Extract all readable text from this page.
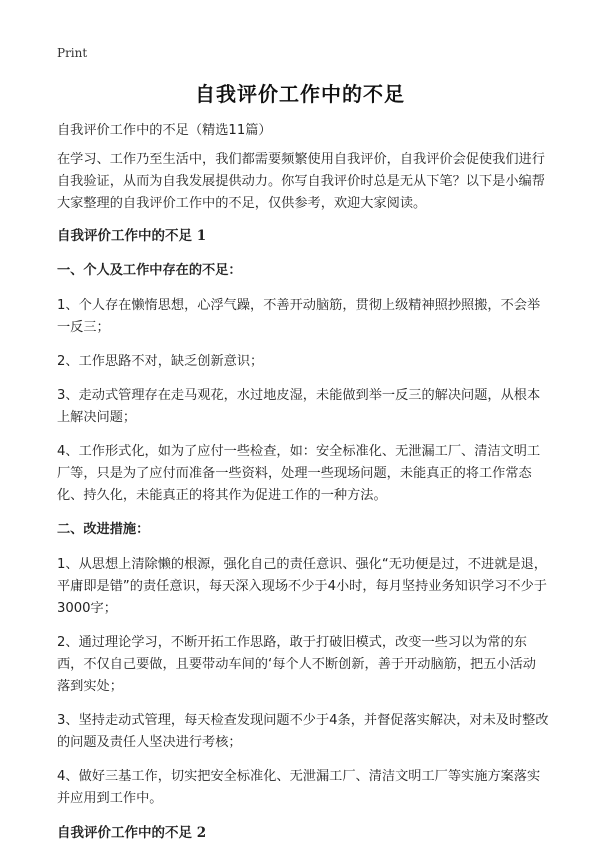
Print
自我评价工作中的不足

自我评价工作中的不足（精选11篇）

在学习、工作乃至生活中，我们都需要频繁使用自我评价，自我评价会促使我们进行自我验证，从而为自我发展提供动力。你写自我评价时总是无从下笔？以下是小编帮大家整理的自我评价工作中的不足，仅供参考，欢迎大家阅读。

自我评价工作中的不足 1

一、个人及工作中存在的不足：

1、个人存在懒惰思想，心浮气躁，不善开动脑筋，贯彻上级精神照抄照搬，不会举一反三；

2、工作思路不对，缺乏创新意识；

3、走动式管理存在走马观花，水过地皮湿，未能做到举一反三的解决问题，从根本上解决问题；

4、工作形式化，如为了应付一些检查，如：安全标准化、无泄漏工厂、清洁文明工厂等，只是为了应付而准备一些资料，处理一些现场问题，未能真正的将工作常态化、持久化，未能真正的将其作为促进工作的一种方法。

二、改进措施：

1、从思想上清除懒的根源，强化自己的责任意识、强化“无功便是过，不进就是退，平庸即是错”的责任意识，每天深入现场不少于4小时，每月坚持业务知识学习不少于3000字；

2、通过理论学习，不断开拓工作思路，敢于打破旧模式，改变一些习以为常的东西，不仅自己要做，且要带动车间的‘每个人不断创新，善于开动脑筋，把五小活动落到实处；

3、坚持走动式管理，每天检查发现问题不少于4条，并督促落实解决，对未及时整改的问题及责任人坚决进行考核；

4、做好三基工作，切实把安全标准化、无泄漏工厂、清洁文明工厂等实施方案落实并应用到工作中。

自我评价工作中的不足 2
